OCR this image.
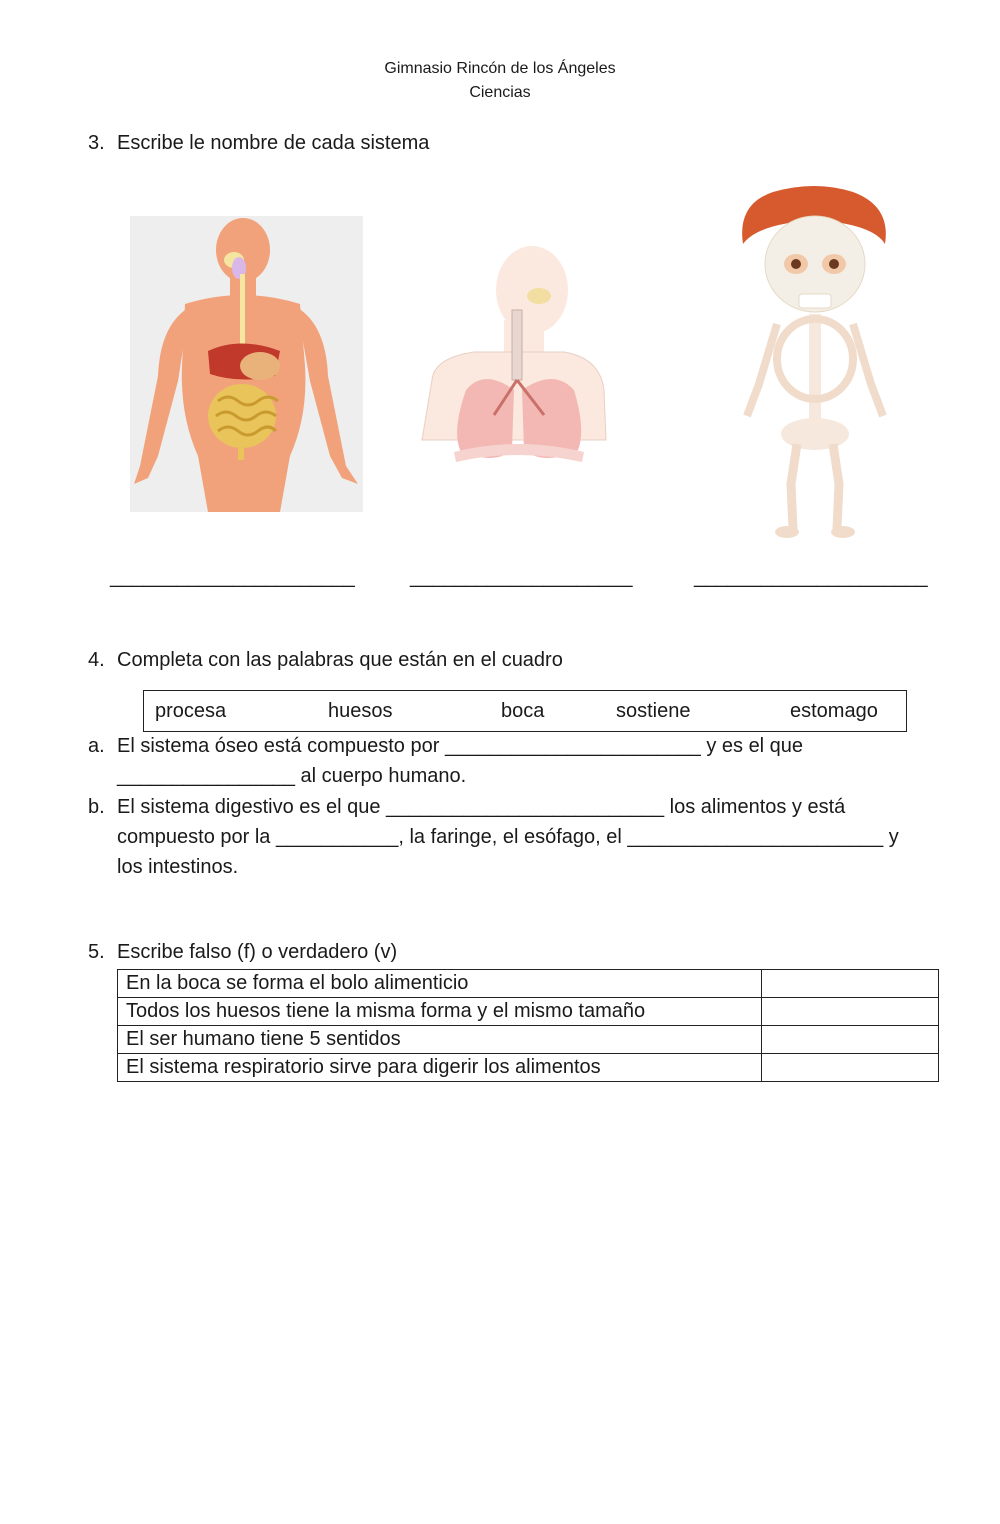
Gimnasio Rincón de los Ángeles
Ciencias
3. Escribe le nombre de cada sistema
______________________	____________________	_____________________
4. Completa con las palabras que están en el cuadro
procesa	huesos	boca	sostiene	estomago
a. El sistema óseo está compuesto por _______________________ y es el que
________________ al cuerpo humano.
b. El sistema digestivo es el que _________________________ los alimentos y está
compuesto por la ___________, la faringe, el esófago, el _______________________ y
los intestinos.
5. Escribe falso (f) o verdadero (v)
En la boca se forma el bolo alimenticio	
Todos los huesos tiene la misma forma y el mismo tamaño	
El ser humano tiene 5 sentidos	
El sistema respiratorio sirve para digerir los alimentos	
